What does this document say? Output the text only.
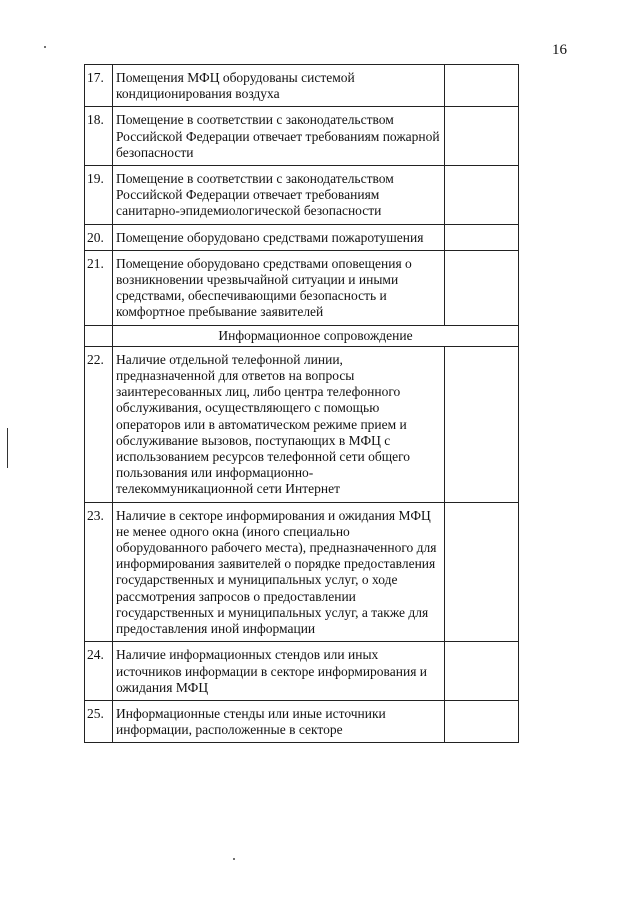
16
17.	Помещения МФЦ оборудованы системой кондиционирования воздуха	
18.	Помещение в соответствии с законодательством Российской Федерации отвечает требованиям пожарной безопасности	
19.	Помещение в соответствии с законодательством Российской Федерации отвечает требованиям санитарно-эпидемиологической безопасности	
20.	Помещение оборудовано средствами пожаротушения	
21.	Помещение оборудовано средствами оповещения о возникновении чрезвычайной ситуации и иными средствами, обеспечивающими безопасность и комфортное пребывание заявителей	
	Информационное сопровождение	
22.	Наличие отдельной телефонной линии, предназначенной для ответов на вопросы заинтересованных лиц, либо центра телефонного обслуживания, осуществляющего с помощью операторов или в автоматическом режиме прием и обслуживание вызовов, поступающих в МФЦ с использованием ресурсов телефонной сети общего пользования или информационно-телекоммуникационной сети Интернет	
23.	Наличие в секторе информирования и ожидания МФЦ не менее одного окна (иного специально оборудованного рабочего места), предназначенного для информирования заявителей о порядке предоставления государственных и муниципальных услуг, о ходе рассмотрения запросов о предоставлении государственных и муниципальных услуг, а также для предоставления иной информации	
24.	Наличие информационных стендов или иных источников информации в секторе информирования и ожидания МФЦ	
25.	Информационные стенды или иные источники информации, расположенные в секторе	
